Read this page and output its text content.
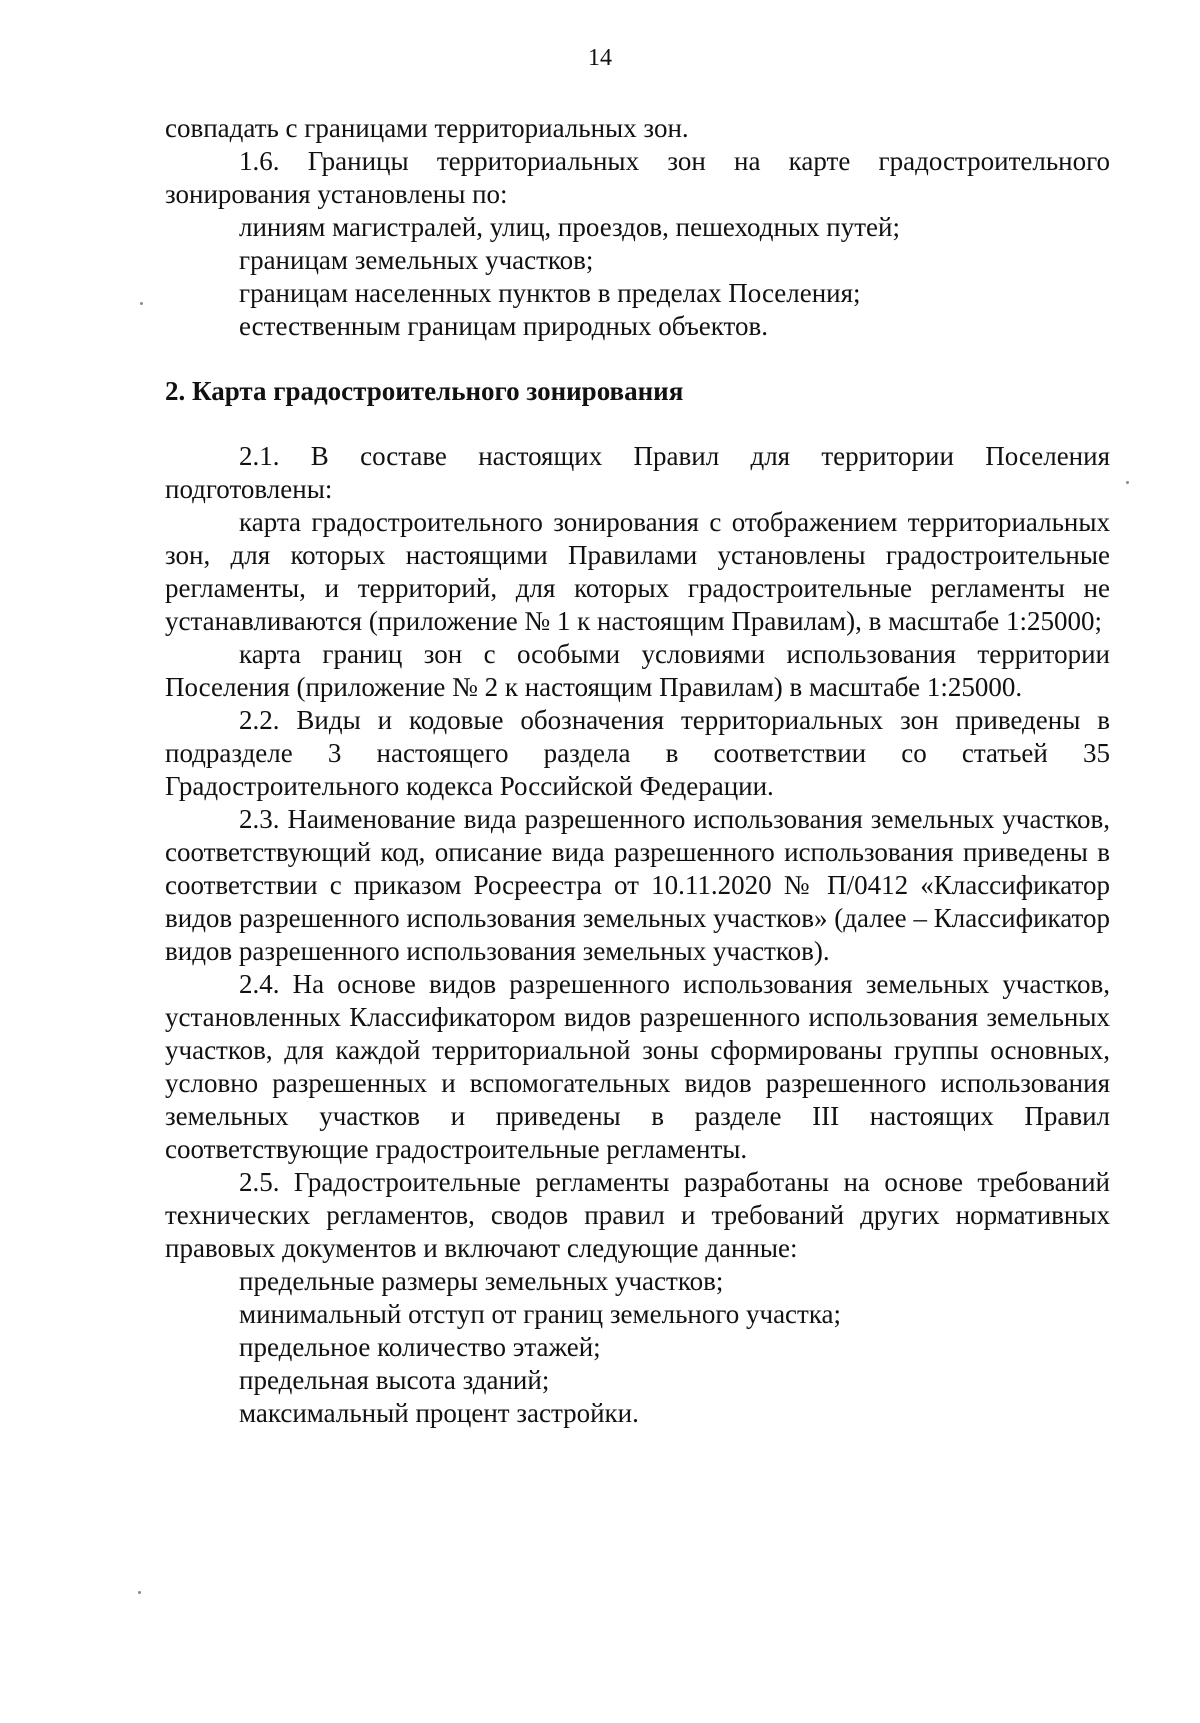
14

совпадать с границами территориальных зон.

1.6. Границы территориальных зон на карте градостроительного зонирования установлены по:

линиям магистралей, улиц, проездов, пешеходных путей;

границам земельных участков;

границам населенных пунктов в пределах Поселения;

естественным границам природных объектов.

2. Карта градостроительного зонирования

2.1. В составе настоящих Правил для территории Поселения подготовлены:

карта градостроительного зонирования с отображением территориальных зон, для которых настоящими Правилами установлены градостроительные регламенты, и территорий, для которых градостроительные регламенты не устанавливаются (приложение № 1 к настоящим Правилам), в масштабе 1:25000;

карта границ зон с особыми условиями использования территории Поселения (приложение № 2 к настоящим Правилам) в масштабе 1:25000.

2.2. Виды и кодовые обозначения территориальных зон приведены в подразделе 3 настоящего раздела в соответствии со статьей 35 Градостроительного кодекса Российской Федерации.

2.3. Наименование вида разрешенного использования земельных участков, соответствующий код, описание вида разрешенного использования приведены в соответствии с приказом Росреестра от 10.11.2020 № П/0412 «Классификатор видов разрешенного использования земельных участков» (далее – Классификатор видов разрешенного использования земельных участков).

2.4. На основе видов разрешенного использования земельных участков, установленных Классификатором видов разрешенного использования земельных участков, для каждой территориальной зоны сформированы группы основных, условно разрешенных и вспомогательных видов разрешенного использования земельных участков и приведены в разделе III настоящих Правил соответствующие градостроительные регламенты.

2.5. Градостроительные регламенты разработаны на основе требований технических регламентов, сводов правил и требований других нормативных правовых документов и включают следующие данные:

предельные размеры земельных участков;

минимальный отступ от границ земельного участка;

предельное количество этажей;

предельная высота зданий;

максимальный процент застройки.
